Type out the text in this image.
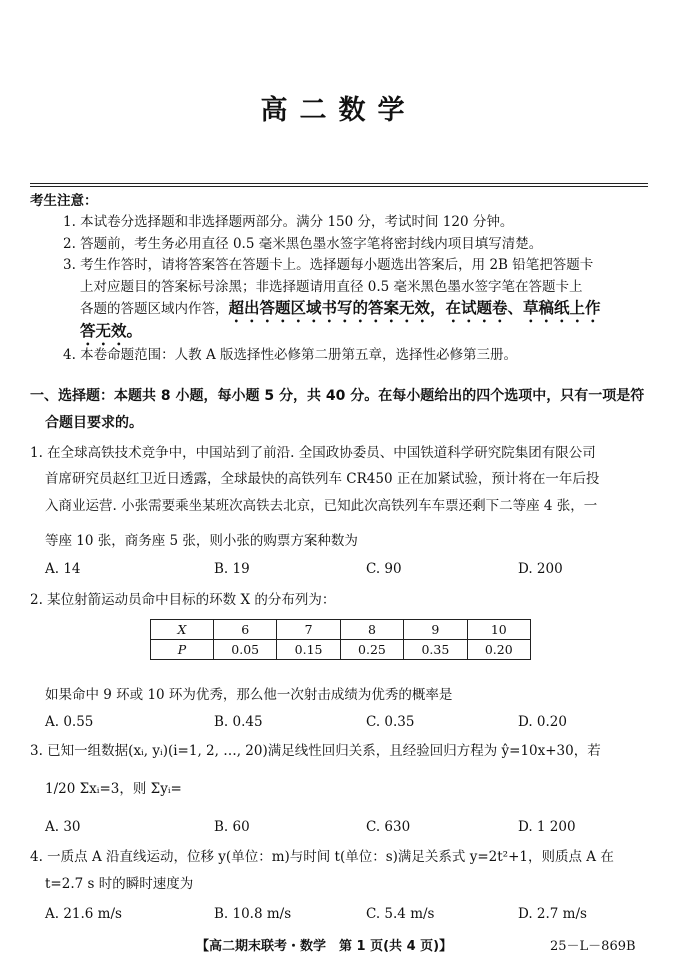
高二数学
考生注意：
1. 本试卷分选择题和非选择题两部分。满分 150 分，考试时间 120 分钟。
2. 答题前，考生务必用直径 0.5 毫米黑色墨水签字笔将密封线内项目填写清楚。
3. 考生作答时，请将答案答在答题卡上。选择题每小题选出答案后，用 2B 铅笔把答题卡
上对应题目的答案标号涂黑；非选择题请用直径 0.5 毫米黑色墨水签字笔在答题卡上
各题的答题区域内作答，超出答题区域书写的答案无效，在试题卷、草稿纸上作
答无效。
4. 本卷命题范围：人教 A 版选择性必修第二册第五章，选择性必修第三册。
一、选择题：本题共 8 小题，每小题 5 分，共 40 分。在每小题给出的四个选项中，只有一项是符
合题目要求的。
1. 在全球高铁技术竞争中，中国站到了前沿. 全国政协委员、中国铁道科学研究院集团有限公司
首席研究员赵红卫近日透露，全球最快的高铁列车 CR450 正在加紧试验，预计将在一年后投
入商业运营. 小张需要乘坐某班次高铁去北京，已知此次高铁列车车票还剩下二等座 4 张，一
等座 10 张，商务座 5 张，则小张的购票方案种数为
A. 14	B. 19	C. 90	D. 200
2. 某位射箭运动员命中目标的环数 X 的分布列为：
X	6	7	8	9	10
P	0.05	0.15	0.25	0.35	0.20
如果命中 9 环或 10 环为优秀，那么他一次射击成绩为优秀的概率是
A. 0.55	B. 0.45	C. 0.35	D. 0.20
3. 已知一组数据(xᵢ, yᵢ)(i=1, 2, …, 20)满足线性回归关系，且经验回归方程为 ŷ=10x+30，若
1/20 Σxᵢ=3，则 Σyᵢ=
A. 30	B. 60	C. 630	D. 1 200
4. 一质点 A 沿直线运动，位移 y(单位：m)与时间 t(单位：s)满足关系式 y=2t²+1，则质点 A 在
t=2.7 s 时的瞬时速度为
A. 21.6 m/s	B. 10.8 m/s	C. 5.4 m/s	D. 2.7 m/s
【高二期末联考・数学　第 1 页(共 4 页)】	25－L－869B
